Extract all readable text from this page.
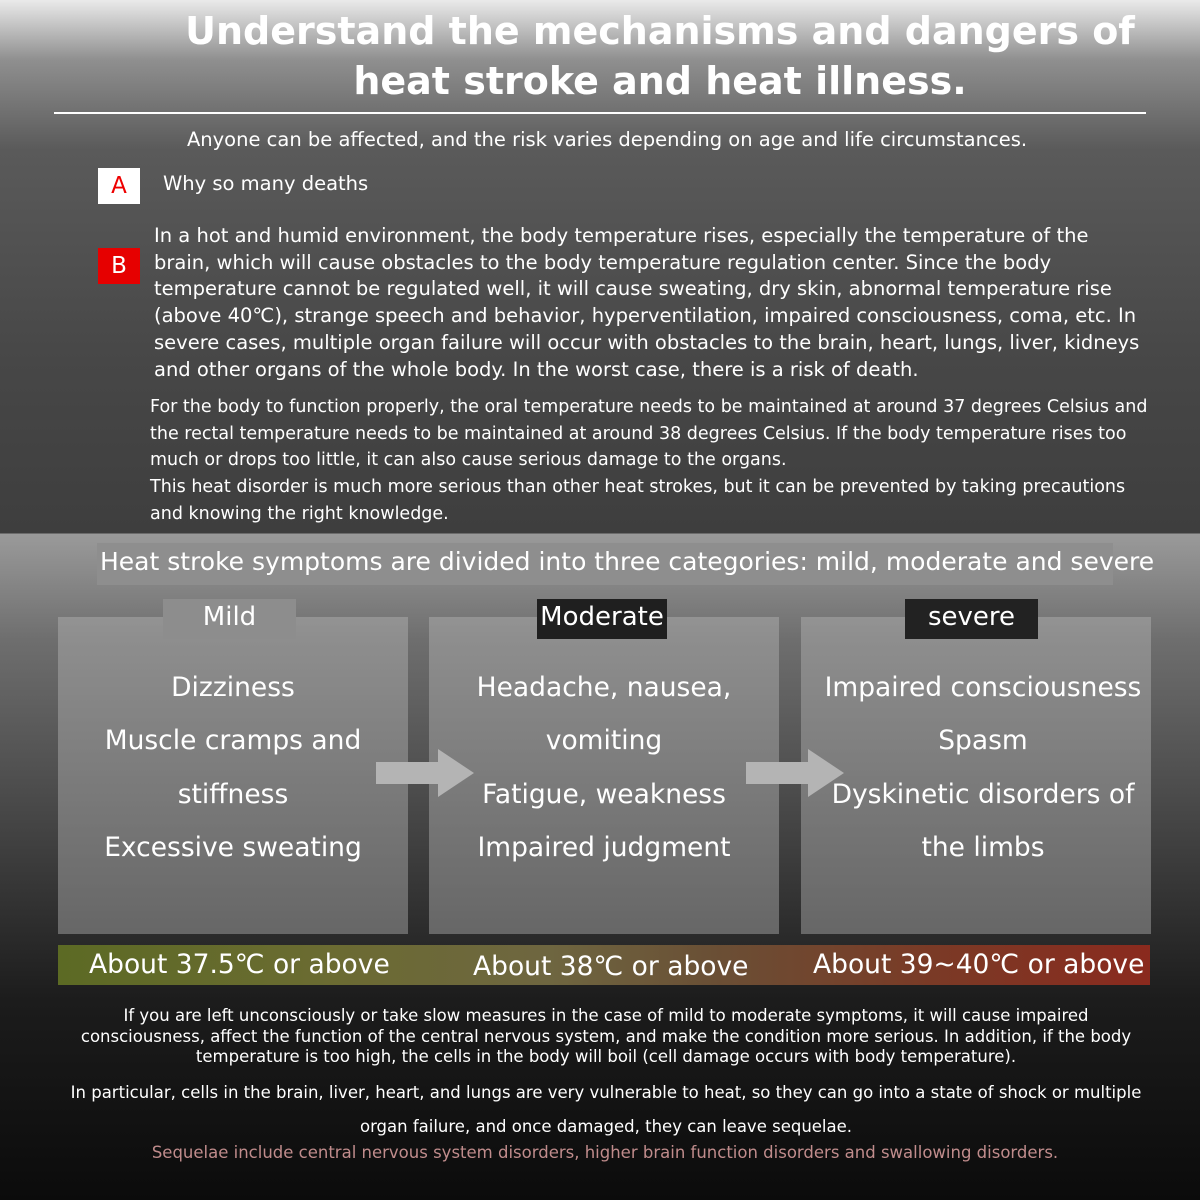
Understand the mechanisms and dangers of heat stroke and heat illness.
Anyone can be affected, and the risk varies depending on age and life circumstances.
A	Why so many deaths
B
In a hot and humid environment, the body temperature rises, especially the temperature of the brain, which will cause obstacles to the body temperature regulation center. Since the body temperature cannot be regulated well, it will cause sweating, dry skin, abnormal temperature rise (above 40℃), strange speech and behavior, hyperventilation, impaired consciousness, coma, etc. In severe cases, multiple organ failure will occur with obstacles to the brain, heart, lungs, liver, kidneys and other organs of the whole body. In the worst case, there is a risk of death.

For the body to function properly, the oral temperature needs to be maintained at around 37 degrees Celsius and the rectal temperature needs to be maintained at around 38 degrees Celsius. If the body temperature rises too much or drops too little, it can also cause serious damage to the organs.

This heat disorder is much more serious than other heat strokes, but it can be prevented by taking precautions and knowing the right knowledge.

Heat stroke symptoms are divided into three categories: mild, moderate and severe
Mild	Moderate	severe
Dizziness
Muscle cramps and
stiffness
Excessive sweating
Headache, nausea,
vomiting
Fatigue, weakness
Impaired judgment
Impaired consciousness
Spasm
Dyskinetic disorders of
the limbs
About 37.5℃ or above	About 38℃ or above About 39~40℃ or above
If you are left unconsciously or take slow measures in the case of mild to moderate symptoms, it will cause impaired consciousness, affect the function of the central nervous system, and make the condition more serious. In addition, if the body temperature is too high, the cells in the body will boil (cell damage occurs with body temperature).

In particular, cells in the brain, liver, heart, and lungs are very vulnerable to heat, so they can go into a state of shock or multiple

organ failure, and once damaged, they can leave sequelae.

Sequelae include central nervous system disorders, higher brain function disorders and swallowing disorders.
